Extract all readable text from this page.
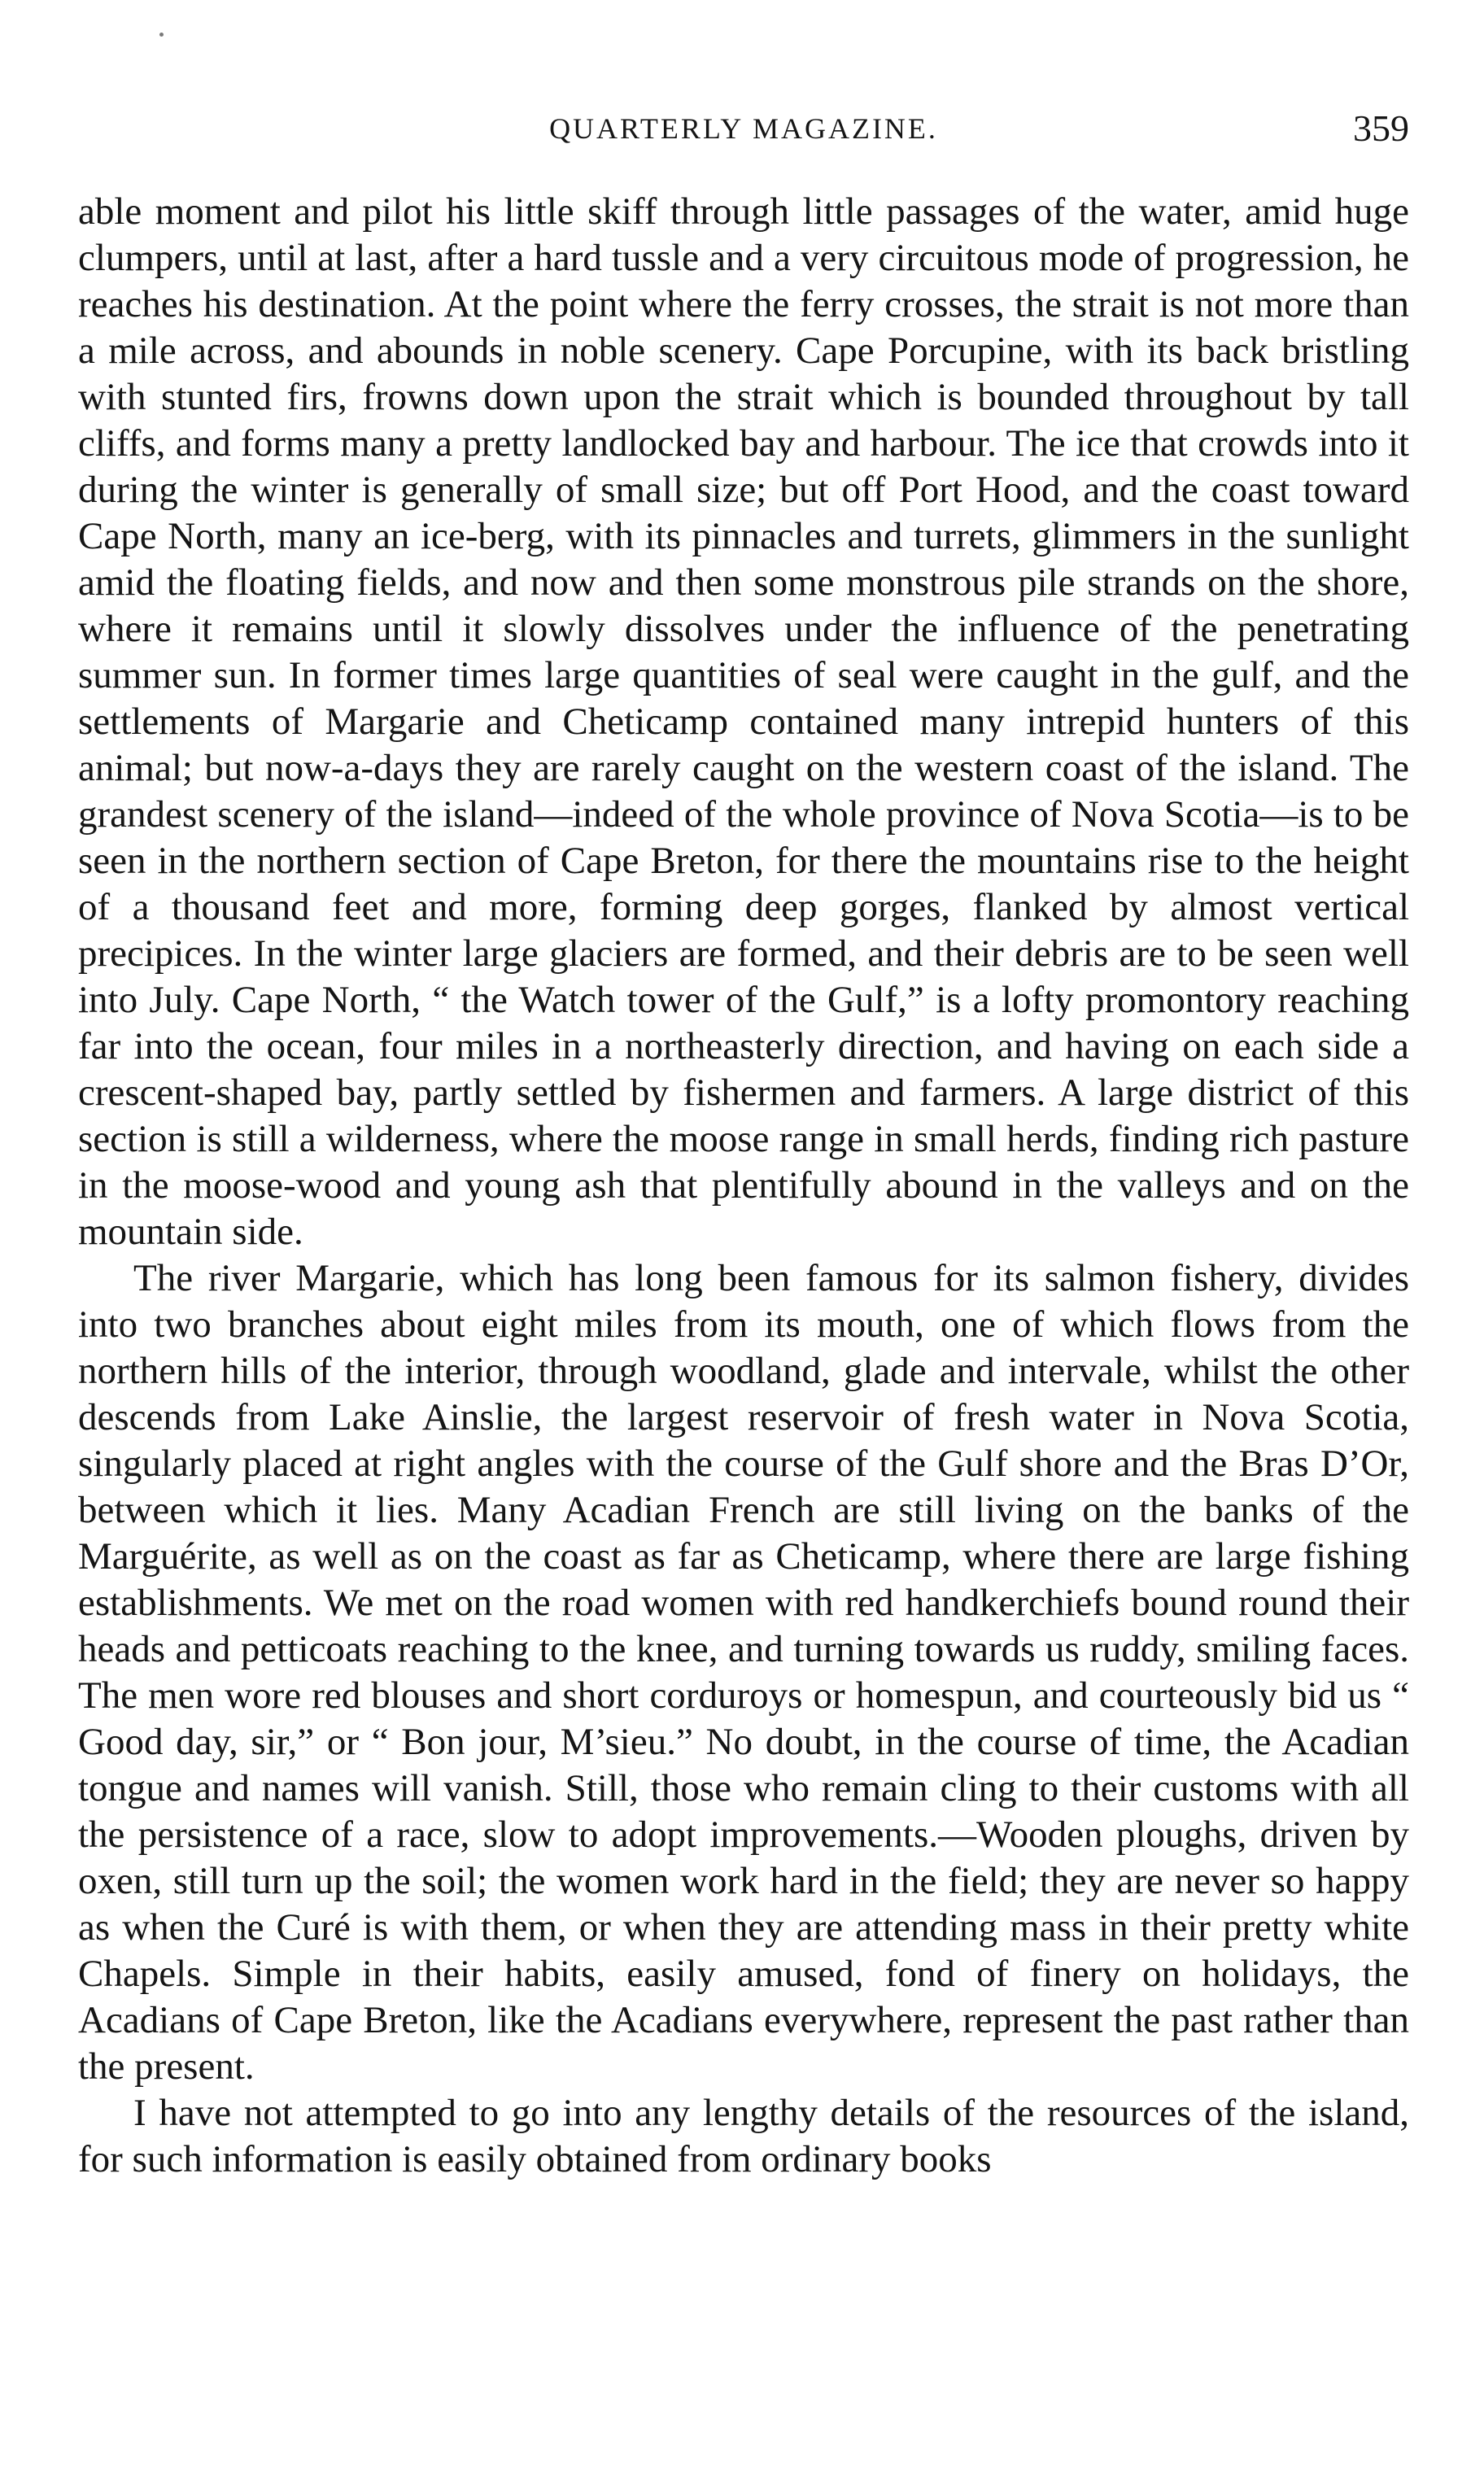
QUARTERLY MAGAZINE.	359

able moment and pilot his little skiff through little passages of the water, amid huge clumpers, until at last, after a hard tussle and a very circuitous mode of progression, he reaches his destination. At the point where the ferry crosses, the strait is not more than a mile across, and abounds in noble scenery. Cape Porcupine, with its back bristling with stunted firs, frowns down upon the strait which is bounded throughout by tall cliffs, and forms many a pretty landlocked bay and harbour. The ice that crowds into it during the winter is generally of small size; but off Port Hood, and the coast toward Cape North, many an ice-berg, with its pinnacles and turrets, glimmers in the sunlight amid the floating fields, and now and then some monstrous pile strands on the shore, where it remains until it slowly dissolves under the influence of the penetrating summer sun. In former times large quantities of seal were caught in the gulf, and the settlements of Margarie and Cheticamp contained many intrepid hunters of this animal; but now-a-days they are rarely caught on the western coast of the island. The grandest scenery of the island—indeed of the whole province of Nova Scotia—is to be seen in the northern section of Cape Breton, for there the mountains rise to the height of a thousand feet and more, forming deep gorges, flanked by almost vertical precipices. In the winter large glaciers are formed, and their debris are to be seen well into July. Cape North, “ the Watch tower of the Gulf,” is a lofty promontory reaching far into the ocean, four miles in a northeasterly direction, and having on each side a crescent-shaped bay, partly settled by fishermen and farmers. A large district of this section is still a wilderness, where the moose range in small herds, finding rich pasture in the moose-wood and young ash that plentifully abound in the valleys and on the mountain side.

The river Margarie, which has long been famous for its salmon fishery, divides into two branches about eight miles from its mouth, one of which flows from the northern hills of the interior, through woodland, glade and intervale, whilst the other descends from Lake Ainslie, the largest reservoir of fresh water in Nova Scotia, singularly placed at right angles with the course of the Gulf shore and the Bras D’Or, between which it lies. Many Acadian French are still living on the banks of the Marguérite, as well as on the coast as far as Cheticamp, where there are large fishing establishments. We met on the road women with red handkerchiefs bound round their heads and petticoats reaching to the knee, and turning towards us ruddy, smiling faces. The men wore red blouses and short corduroys or homespun, and courteously bid us “ Good day, sir,” or “ Bon jour, M’sieu.” No doubt, in the course of time, the Acadian tongue and names will vanish. Still, those who remain cling to their customs with all the persistence of a race, slow to adopt improvements.—Wooden ploughs, driven by oxen, still turn up the soil; the women work hard in the field; they are never so happy as when the Curé is with them, or when they are attending mass in their pretty white Chapels. Simple in their habits, easily amused, fond of finery on holidays, the Acadians of Cape Breton, like the Acadians everywhere, represent the past rather than the present.

I have not attempted to go into any lengthy details of the resources of the island, for such information is easily obtained from ordinary books
